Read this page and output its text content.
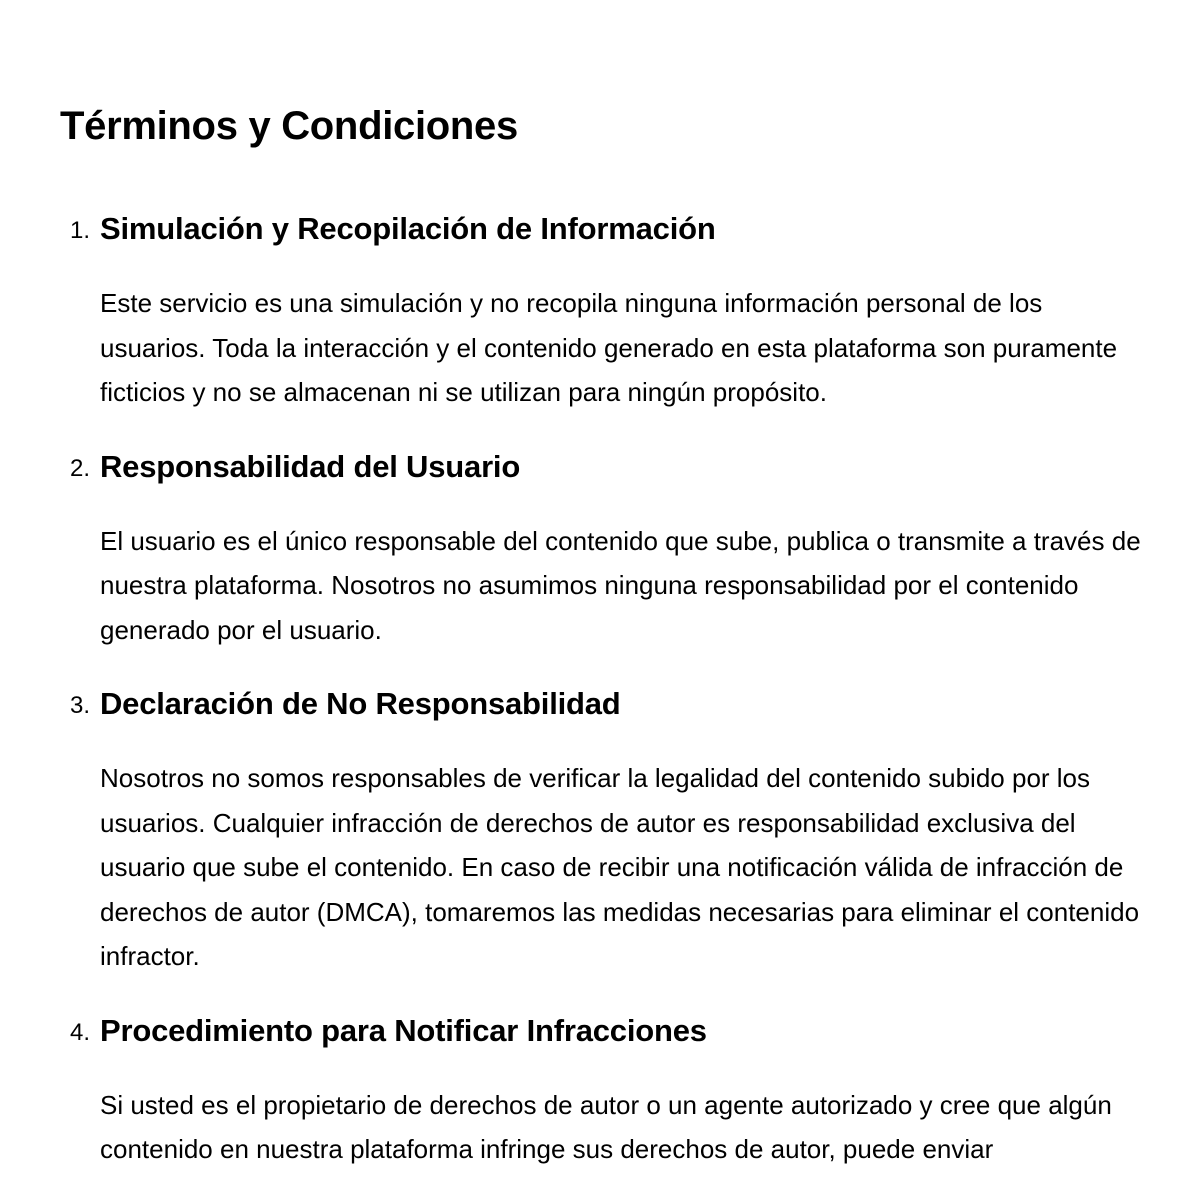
Términos y Condiciones
1. Simulación y Recopilación de Información

Este servicio es una simulación y no recopila ninguna información personal de los usuarios. Toda la interacción y el contenido generado en esta plataforma son puramente ficticios y no se almacenan ni se utilizan para ningún propósito.

2. Responsabilidad del Usuario

El usuario es el único responsable del contenido que sube, publica o transmite a través de nuestra plataforma. Nosotros no asumimos ninguna responsabilidad por el contenido generado por el usuario.

3. Declaración de No Responsabilidad

Nosotros no somos responsables de verificar la legalidad del contenido subido por los usuarios. Cualquier infracción de derechos de autor es responsabilidad exclusiva del usuario que sube el contenido. En caso de recibir una notificación válida de infracción de derechos de autor (DMCA), tomaremos las medidas necesarias para eliminar el contenido infractor.

4. Procedimiento para Notificar Infracciones

Si usted es el propietario de derechos de autor o un agente autorizado y cree que algún contenido en nuestra plataforma infringe sus derechos de autor, puede enviar
